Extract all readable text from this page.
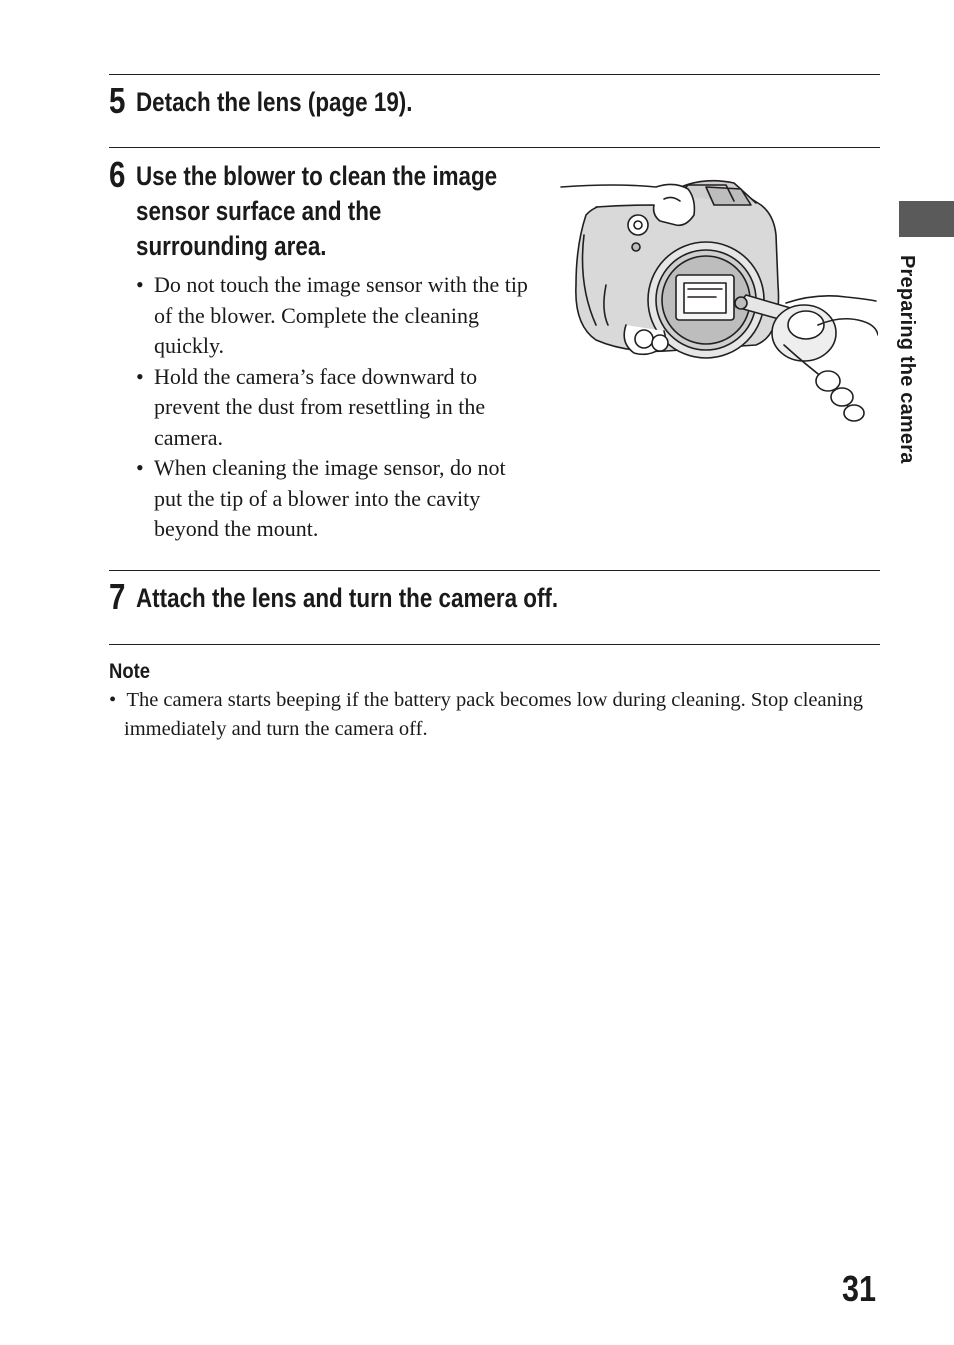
5 Detach the lens (page 19).
6 Use the blower to clean the image
sensor surface and the
surrounding area.
• Do not touch the image sensor with the tip of the blower. Complete the cleaning quickly.
• Hold the camera’s face downward to prevent the dust from resettling in the camera.
• When cleaning the image sensor, do not put the tip of a blower into the cavity beyond the mount.
7 Attach the lens and turn the camera off.
Note
•  The camera starts beeping if the battery pack becomes low during cleaning. Stop cleaning immediately and turn the camera off.
Preparing the camera
31
